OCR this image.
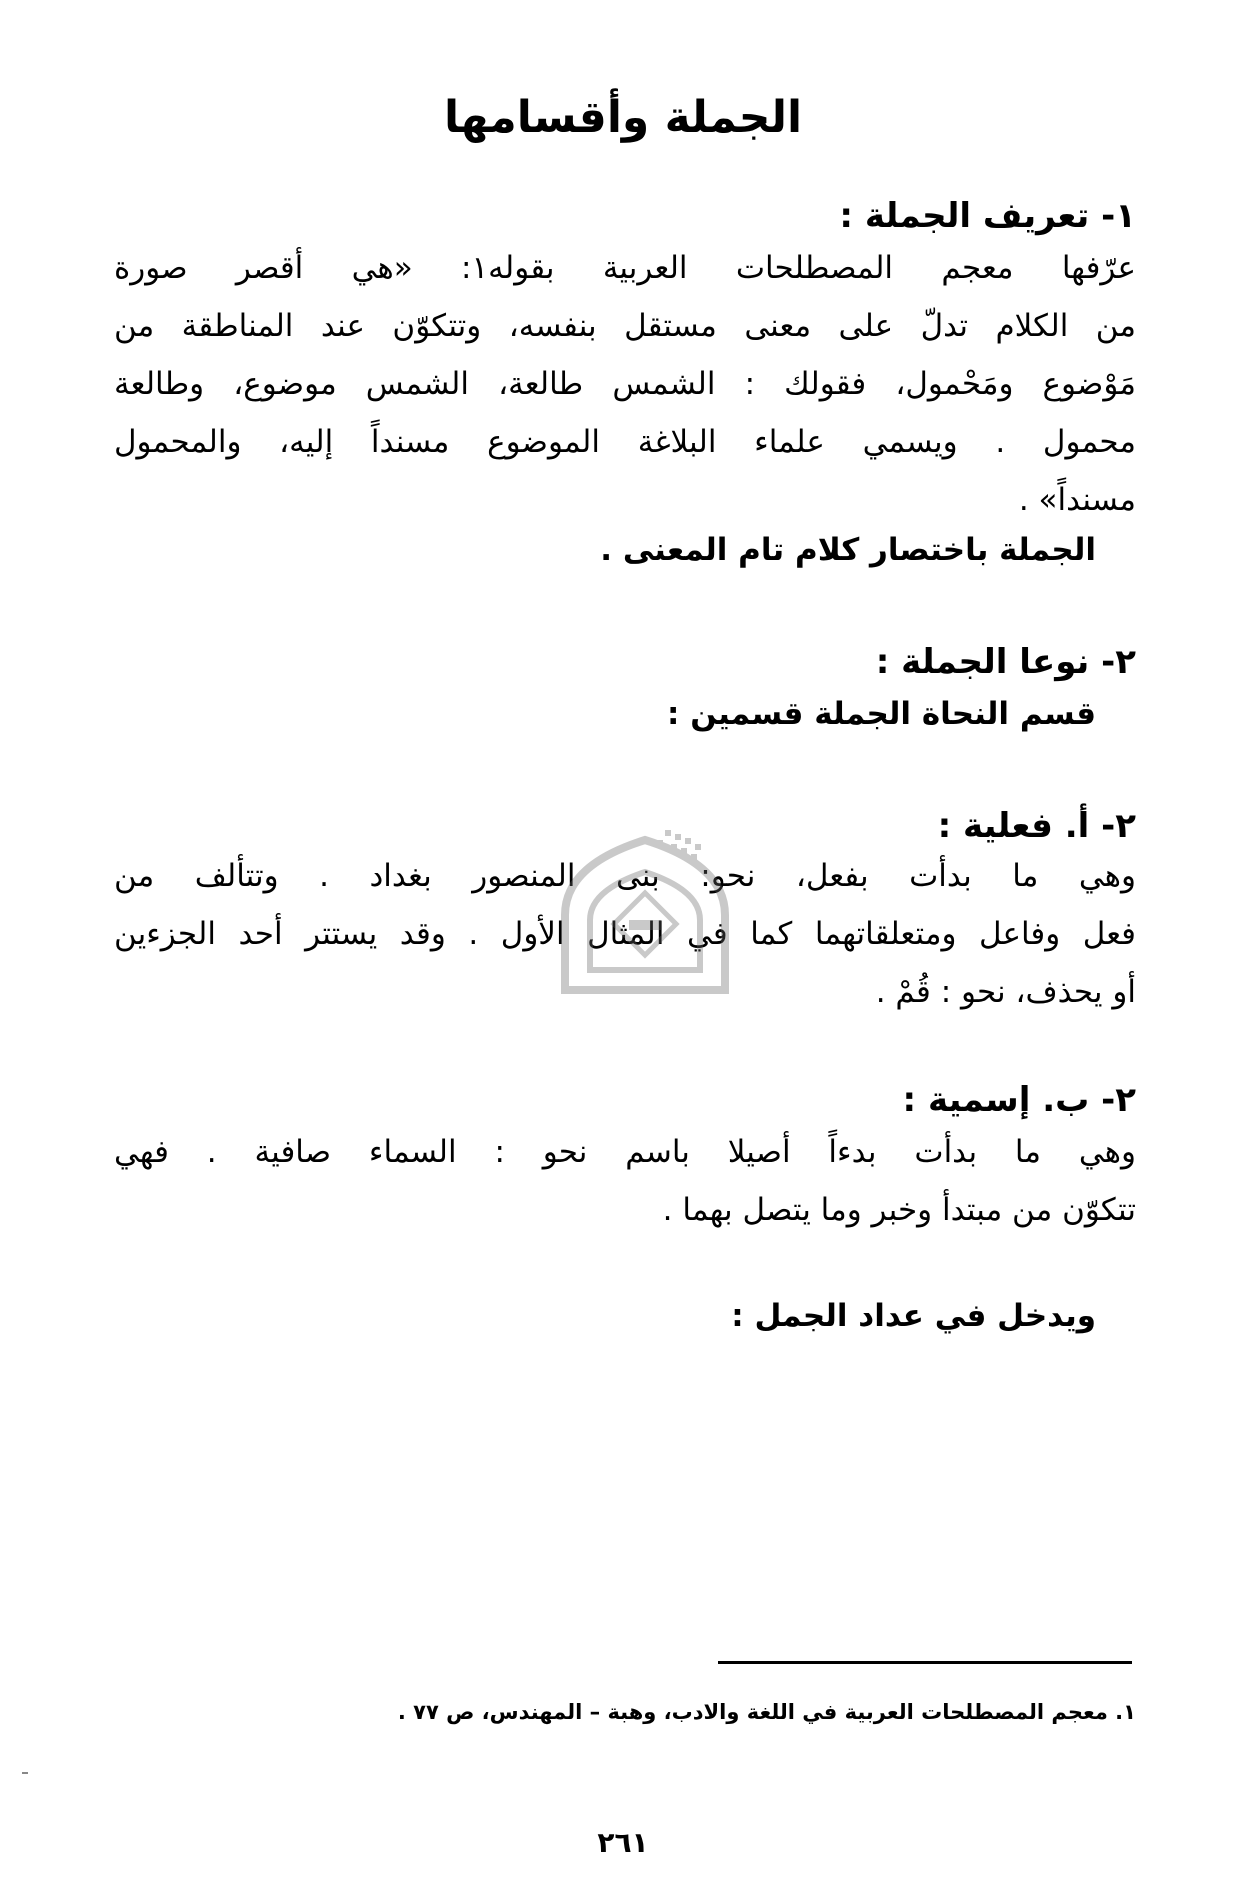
الجملة وأقسامها
١- تعريف الجملة :
عرّفها معجم المصطلحات العربية بقوله١: «هي أقصر صورة
من الكلام تدلّ على معنى مستقل بنفسه، وتتكوّن عند المناطقة من
مَوْضوع ومَحْمول، فقولك : الشمس طالعة، الشمس موضوع، وطالعة
محمول . ويسمي علماء البلاغة الموضوع مسنداً إليه، والمحمول
مسنداً» .
الجملة باختصار كلام تام المعنى .
٢- نوعا الجملة :
قسم النحاة الجملة قسمين :
٢- أ. فعلية :
وهي ما بدأت بفعل، نحو: بنى المنصور بغداد . وتتألف من
فعل وفاعل ومتعلقاتهما كما في المثال الأول . وقد يستتر أحد الجزءين
أو يحذف، نحو : قُمْ .
٢- ب. إسمية :
وهي ما بدأت بدءاً أصيلا باسم نحو : السماء صافية . فهي
تتكوّن من مبتدأ وخبر وما يتصل بهما .
ويدخل في عداد الجمل :
١. معجم المصطلحات العربية في اللغة والادب، وهبة – المهندس، ص ٧٧ .
٢٦١
